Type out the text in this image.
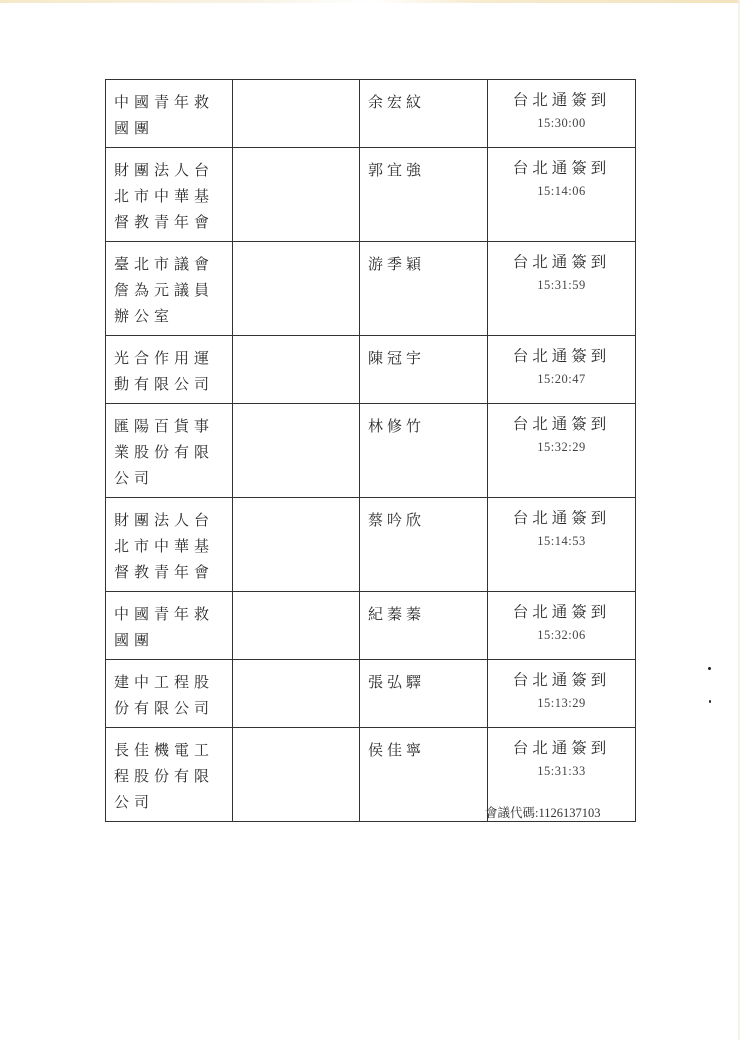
中國青年救國團		余宏紋	台北通簽到
15:30:00

財團法人台北市中華基督教青年會		郭宜強	台北通簽到
15:14:06

臺北市議會詹為元議員辦公室		游季穎	台北通簽到
15:31:59

光合作用運動有限公司		陳冠宇	台北通簽到
15:20:47

匯陽百貨事業股份有限公司		林修竹	台北通簽到
15:32:29

財團法人台北市中華基督教青年會		蔡吟欣	台北通簽到
15:14:53

中國青年救國團		紀蓁蓁	台北通簽到
15:32:06

建中工程股份有限公司		張弘驛	台北通簽到
15:13:29

長佳機電工程股份有限公司		侯佳寧	台北通簽到
15:31:33
會議代碼:1126137103
